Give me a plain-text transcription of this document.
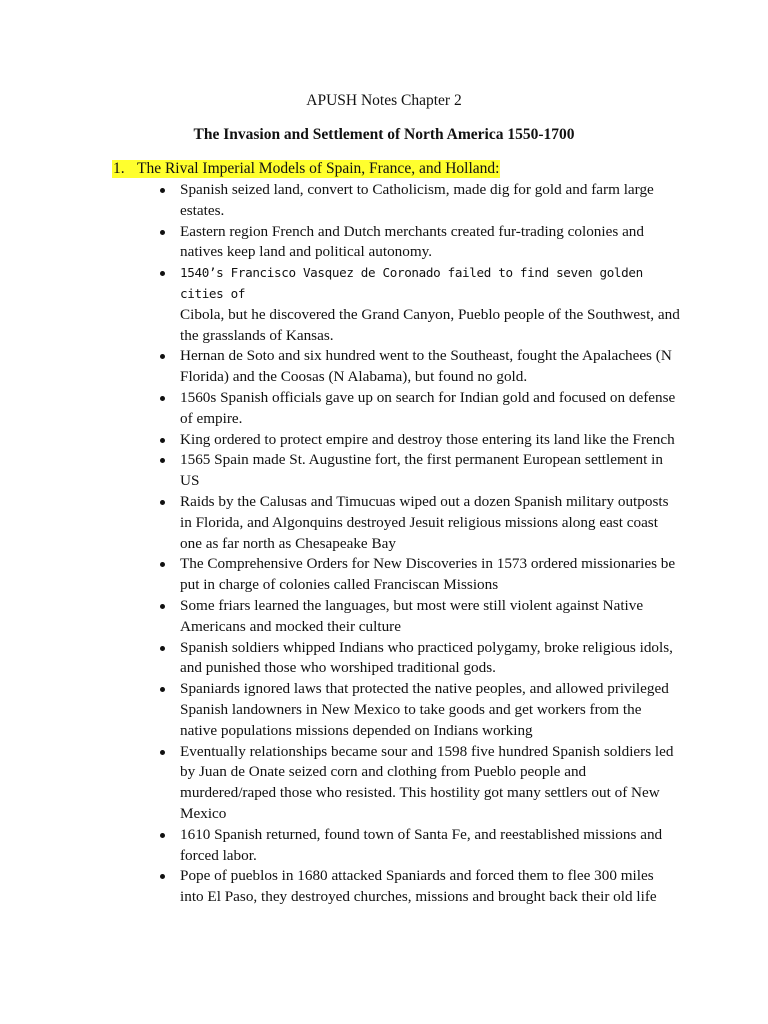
APUSH Notes Chapter 2
The Invasion and Settlement of North America 1550-1700
1. The Rival Imperial Models of Spain, France, and Holland:
Spanish seized land, convert to Catholicism, made dig for gold and farm large estates.
Eastern region French and Dutch merchants created fur-trading colonies and natives keep land and political autonomy.
1540’s Francisco Vasquez de Coronado failed to find seven golden cities of
Cibola, but he discovered the Grand Canyon, Pueblo people of the Southwest, and the grasslands of Kansas.
Hernan de Soto and six hundred went to the Southeast, fought the Apalachees (N Florida) and the Coosas (N Alabama), but found no gold.
1560s Spanish officials gave up on search for Indian gold and focused on defense of empire.
King ordered to protect empire and destroy those entering its land like the French
1565 Spain made St. Augustine fort, the first permanent European settlement in US
Raids by the Calusas and Timucuas wiped out a dozen Spanish military outposts in Florida, and Algonquins destroyed Jesuit religious missions along east coast one as far north as Chesapeake Bay
The Comprehensive Orders for New Discoveries in 1573 ordered missionaries be put in charge of colonies called Franciscan Missions
Some friars learned the languages, but most were still violent against Native Americans and mocked their culture
Spanish soldiers whipped Indians who practiced polygamy, broke religious idols, and punished those who worshiped traditional gods.
Spaniards ignored laws that protected the native peoples, and allowed privileged Spanish landowners in New Mexico to take goods and get workers from the native populations missions depended on Indians working
Eventually relationships became sour and 1598 five hundred Spanish soldiers led by Juan de Onate seized corn and clothing from Pueblo people and murdered/raped those who resisted. This hostility got many settlers out of New Mexico
1610 Spanish returned, found town of Santa Fe, and reestablished missions and forced labor.
Pope of pueblos in 1680 attacked Spaniards and forced them to flee 300 miles into El Paso, they destroyed churches, missions and brought back their old life
